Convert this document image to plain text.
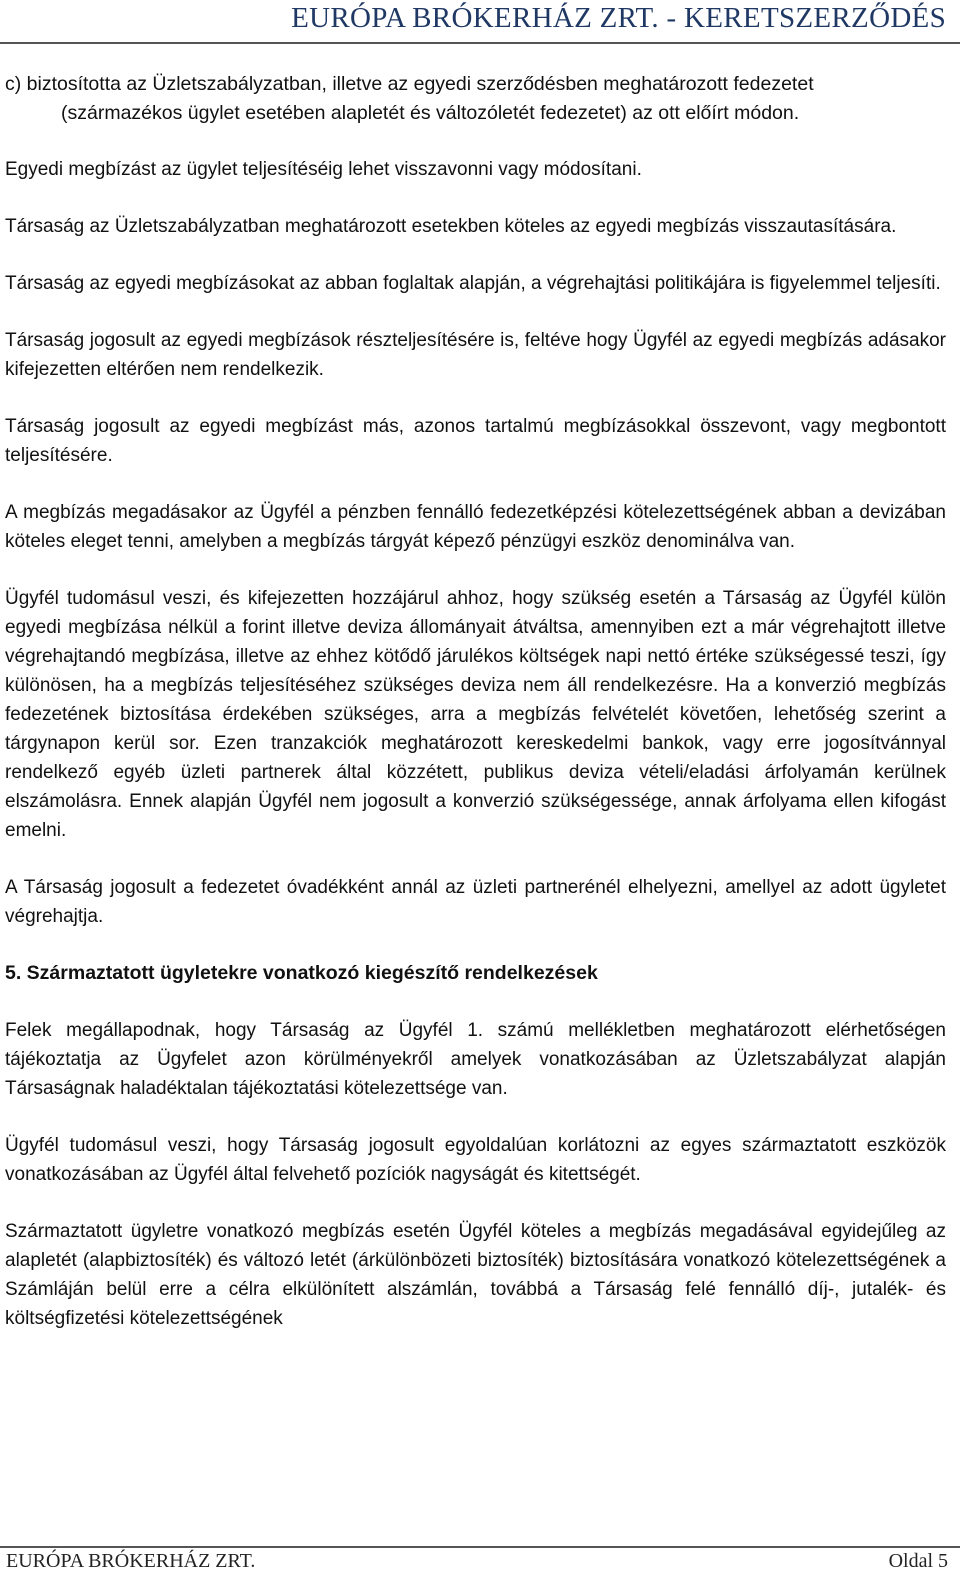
EURÓPA BRÓKERHÁZ ZRT. - KERETSZERZŐDÉS

c) biztosította az Üzletszabályzatban, illetve az egyedi szerződésben meghatározott fedezetet
(származékos ügylet esetében alapletét és változóletét fedezetet) az ott előírt módon.

Egyedi megbízást az ügylet teljesítéséig lehet visszavonni vagy módosítani.

Társaság az Üzletszabályzatban meghatározott esetekben köteles az egyedi megbízás visszautasítására.

Társaság az egyedi megbízásokat az abban foglaltak alapján, a végrehajtási politikájára is figyelemmel teljesíti.

Társaság jogosult az egyedi megbízások részteljesítésére is, feltéve hogy Ügyfél az egyedi megbízás adásakor kifejezetten eltérően nem rendelkezik.

Társaság jogosult az egyedi megbízást más, azonos tartalmú megbízásokkal összevont, vagy megbontott teljesítésére.

A megbízás megadásakor az Ügyfél a pénzben fennálló fedezetképzési kötelezettségének abban a devizában köteles eleget tenni, amelyben a megbízás tárgyát képező pénzügyi eszköz denominálva van.

Ügyfél tudomásul veszi, és kifejezetten hozzájárul ahhoz, hogy szükség esetén a Társaság az Ügyfél külön egyedi megbízása nélkül a forint illetve deviza állományait átváltsa, amennyiben ezt a már végrehajtott illetve végrehajtandó megbízása, illetve az ehhez kötődő járulékos költségek napi nettó értéke szükségessé teszi, így különösen, ha a megbízás teljesítéséhez szükséges deviza nem áll rendelkezésre. Ha a konverzió megbízás fedezetének biztosítása érdekében szükséges, arra a megbízás felvételét követően, lehetőség szerint a tárgynapon kerül sor. Ezen tranzakciók meghatározott kereskedelmi bankok, vagy erre jogosítvánnyal rendelkező egyéb üzleti partnerek által közzétett, publikus deviza vételi/eladási árfolyamán kerülnek elszámolásra. Ennek alapján Ügyfél nem jogosult a konverzió szükségessége, annak árfolyama ellen kifogást emelni.

A Társaság jogosult a fedezetet óvadékként annál az üzleti partnerénél elhelyezni, amellyel az adott ügyletet végrehajtja.

5. Származtatott ügyletekre vonatkozó kiegészítő rendelkezések

Felek megállapodnak, hogy Társaság az Ügyfél 1. számú mellékletben meghatározott elérhetőségen tájékoztatja az Ügyfelet azon körülményekről amelyek vonatkozásában az Üzletszabályzat alapján Társaságnak haladéktalan tájékoztatási kötelezettsége van.

Ügyfél tudomásul veszi, hogy Társaság jogosult egyoldalúan korlátozni az egyes származtatott eszközök vonatkozásában az Ügyfél által felvehető pozíciók nagyságát és kitettségét.

Származtatott ügyletre vonatkozó megbízás esetén Ügyfél köteles a megbízás megadásával egyidejűleg az alapletét (alapbiztosíték) és változó letét (árkülönbözeti biztosíték) biztosítására vonatkozó kötelezettségének a Számláján belül erre a célra elkülönített alszámlán, továbbá a Társaság felé fennálló díj-, jutalék- és költségfizetési kötelezettségének

EURÓPA BRÓKERHÁZ ZRT.	Oldal 5
